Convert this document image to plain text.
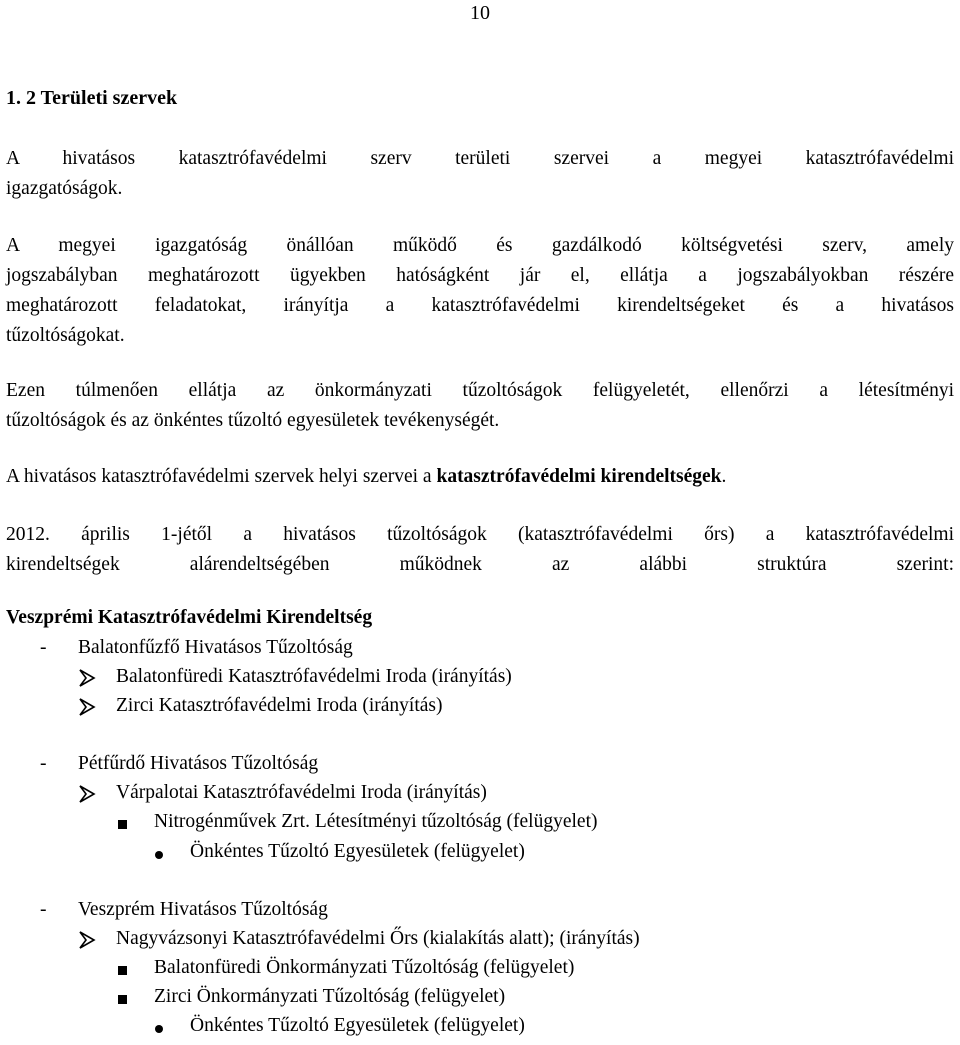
10
1. 2 Területi szervek
A hivatásos katasztrófavédelmi szerv területi szervei a megyei katasztrófavédelmi
igazgatóságok.
A megyei igazgatóság önállóan működő és gazdálkodó költségvetési szerv, amely
jogszabályban meghatározott ügyekben hatóságként jár el, ellátja a jogszabályokban részére
meghatározott feladatokat, irányítja a katasztrófavédelmi kirendeltségeket és a hivatásos
tűzoltóságokat.
Ezen túlmenően ellátja az önkormányzati tűzoltóságok felügyeletét, ellenőrzi a létesítményi
tűzoltóságok és az önkéntes tűzoltó egyesületek tevékenységét.
A hivatásos katasztrófavédelmi szervek helyi szervei a katasztrófavédelmi kirendeltségek.
2012. április 1-jétől a hivatásos tűzoltóságok (katasztrófavédelmi őrs) a katasztrófavédelmi
kirendeltségek alárendeltségében működnek az alábbi struktúra szerint:
Veszprémi Katasztrófavédelmi Kirendeltség
- Balatonfűzfő Hivatásos Tűzoltóság
Balatonfüredi Katasztrófavédelmi Iroda (irányítás)
Zirci Katasztrófavédelmi Iroda (irányítás)
- Pétfűrdő Hivatásos Tűzoltóság
Várpalotai Katasztrófavédelmi Iroda (irányítás)
Nitrogénművek Zrt. Létesítményi tűzoltóság (felügyelet)
Önkéntes Tűzoltó Egyesületek (felügyelet)
- Veszprém Hivatásos Tűzoltóság
Nagyvázsonyi Katasztrófavédelmi Őrs (kialakítás alatt); (irányítás)
Balatonfüredi Önkormányzati Tűzoltóság (felügyelet)
Zirci Önkormányzati Tűzoltóság (felügyelet)
Önkéntes Tűzoltó Egyesületek (felügyelet)
